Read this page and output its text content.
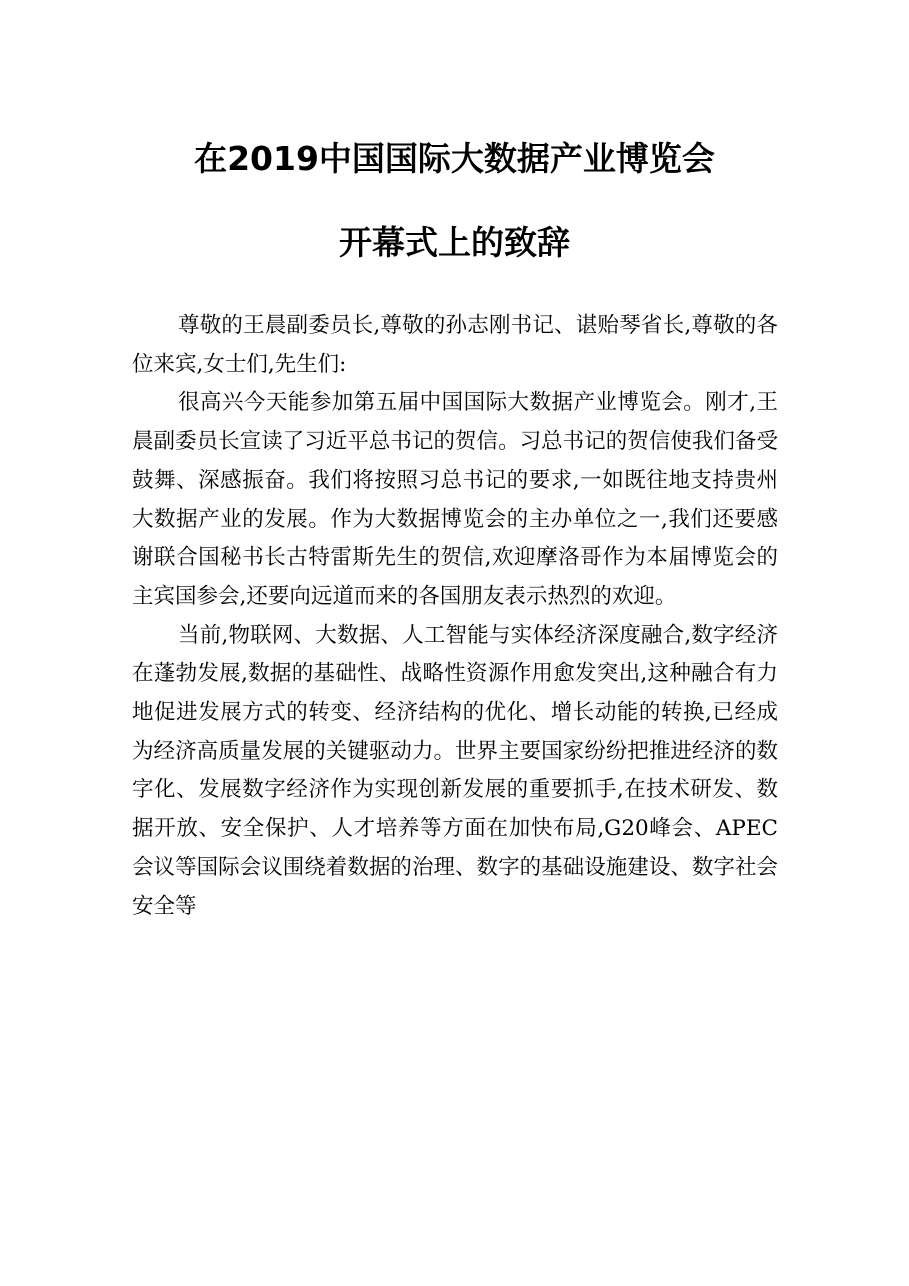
在2019中国国际大数据产业博览会
开幕式上的致辞

尊敬的王晨副委员长,尊敬的孙志刚书记、谌贻琴省长,尊敬的各位来宾,女士们,先生们:

很高兴今天能参加第五届中国国际大数据产业博览会。刚才,王晨副委员长宣读了习近平总书记的贺信。习总书记的贺信使我们备受鼓舞、深感振奋。我们将按照习总书记的要求,一如既往地支持贵州大数据产业的发展。作为大数据博览会的主办单位之一,我们还要感谢联合国秘书长古特雷斯先生的贺信,欢迎摩洛哥作为本届博览会的主宾国参会,还要向远道而来的各国朋友表示热烈的欢迎。

当前,物联网、大数据、人工智能与实体经济深度融合,数字经济在蓬勃发展,数据的基础性、战略性资源作用愈发突出,这种融合有力地促进发展方式的转变、经济结构的优化、增长动能的转换,已经成为经济高质量发展的关键驱动力。世界主要国家纷纷把推进经济的数字化、发展数字经济作为实现创新发展的重要抓手,在技术研发、数据开放、安全保护、人才培养等方面在加快布局,G20峰会、APEC会议等国际会议围绕着数据的治理、数字的基础设施建设、数字社会安全等
